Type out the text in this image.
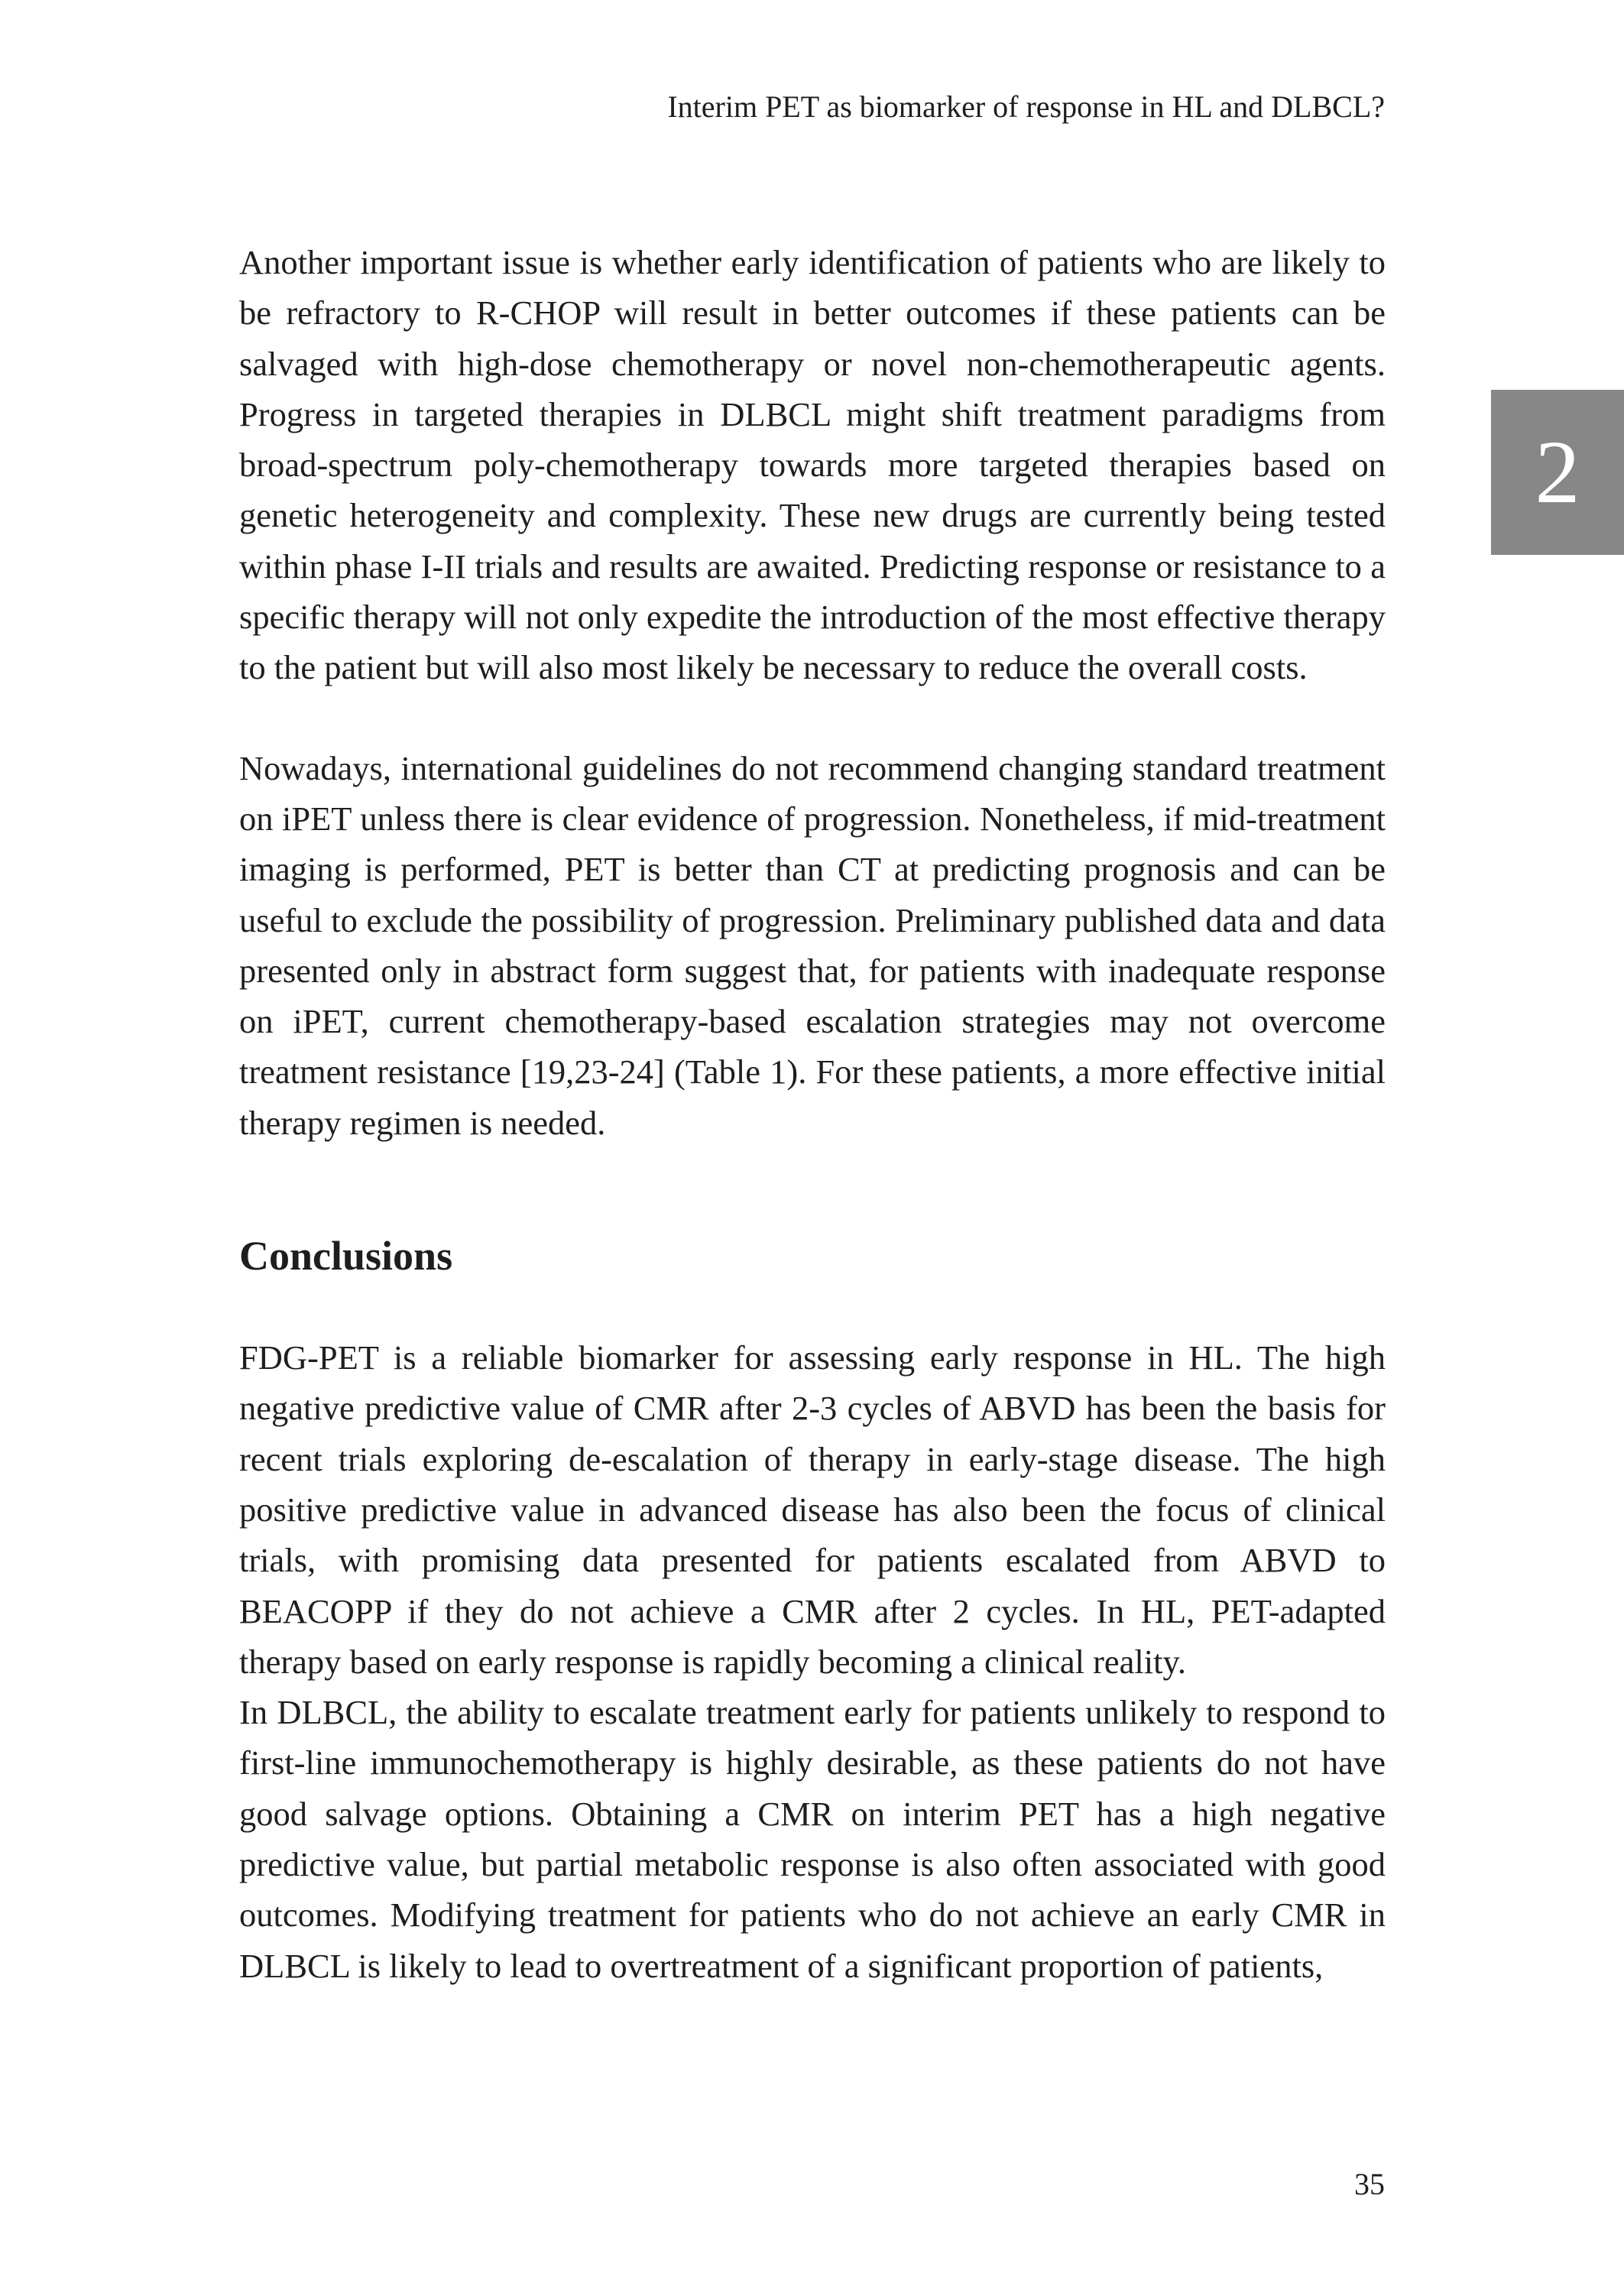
Interim PET as biomarker of response in HL and DLBCL?
2

Another important issue is whether early identification of patients who are likely to be refractory to R-CHOP will result in better outcomes if these patients can be salvaged with high-dose chemotherapy or novel non-chemotherapeutic agents. Progress in targeted therapies in DLBCL might shift treatment paradigms from broad-spectrum poly-chemotherapy towards more targeted therapies based on genetic heterogeneity and complexity. These new drugs are currently being tested within phase I-II trials and results are awaited. Predicting response or resistance to a specific therapy will not only expedite the introduction of the most effective therapy to the patient but will also most likely be necessary to reduce the overall costs.

Nowadays, international guidelines do not recommend changing standard treatment on iPET unless there is clear evidence of progression. Nonetheless, if mid-treatment imaging is performed, PET is better than CT at predicting prognosis and can be useful to exclude the possibility of progression. Preliminary published data and data presented only in abstract form suggest that, for patients with inadequate response on iPET, current chemotherapy-based escalation strategies may not overcome treatment resistance [19,23-24] (Table 1). For these patients, a more effective initial therapy regimen is needed.

Conclusions

FDG-PET is a reliable biomarker for assessing early response in HL. The high negative predictive value of CMR after 2-3 cycles of ABVD has been the basis for recent trials exploring de-escalation of therapy in early-stage disease. The high positive predictive value in advanced disease has also been the focus of clinical trials, with promising data presented for patients escalated from ABVD to BEACOPP if they do not achieve a CMR after 2 cycles. In HL, PET-adapted therapy based on early response is rapidly becoming a clinical reality.

In DLBCL, the ability to escalate treatment early for patients unlikely to respond to first-line immunochemotherapy is highly desirable, as these patients do not have good salvage options. Obtaining a CMR on interim PET has a high negative predictive value, but partial metabolic response is also often associated with good outcomes. Modifying treatment for patients who do not achieve an early CMR in DLBCL is likely to lead to overtreatment of a significant proportion of patients,

35
